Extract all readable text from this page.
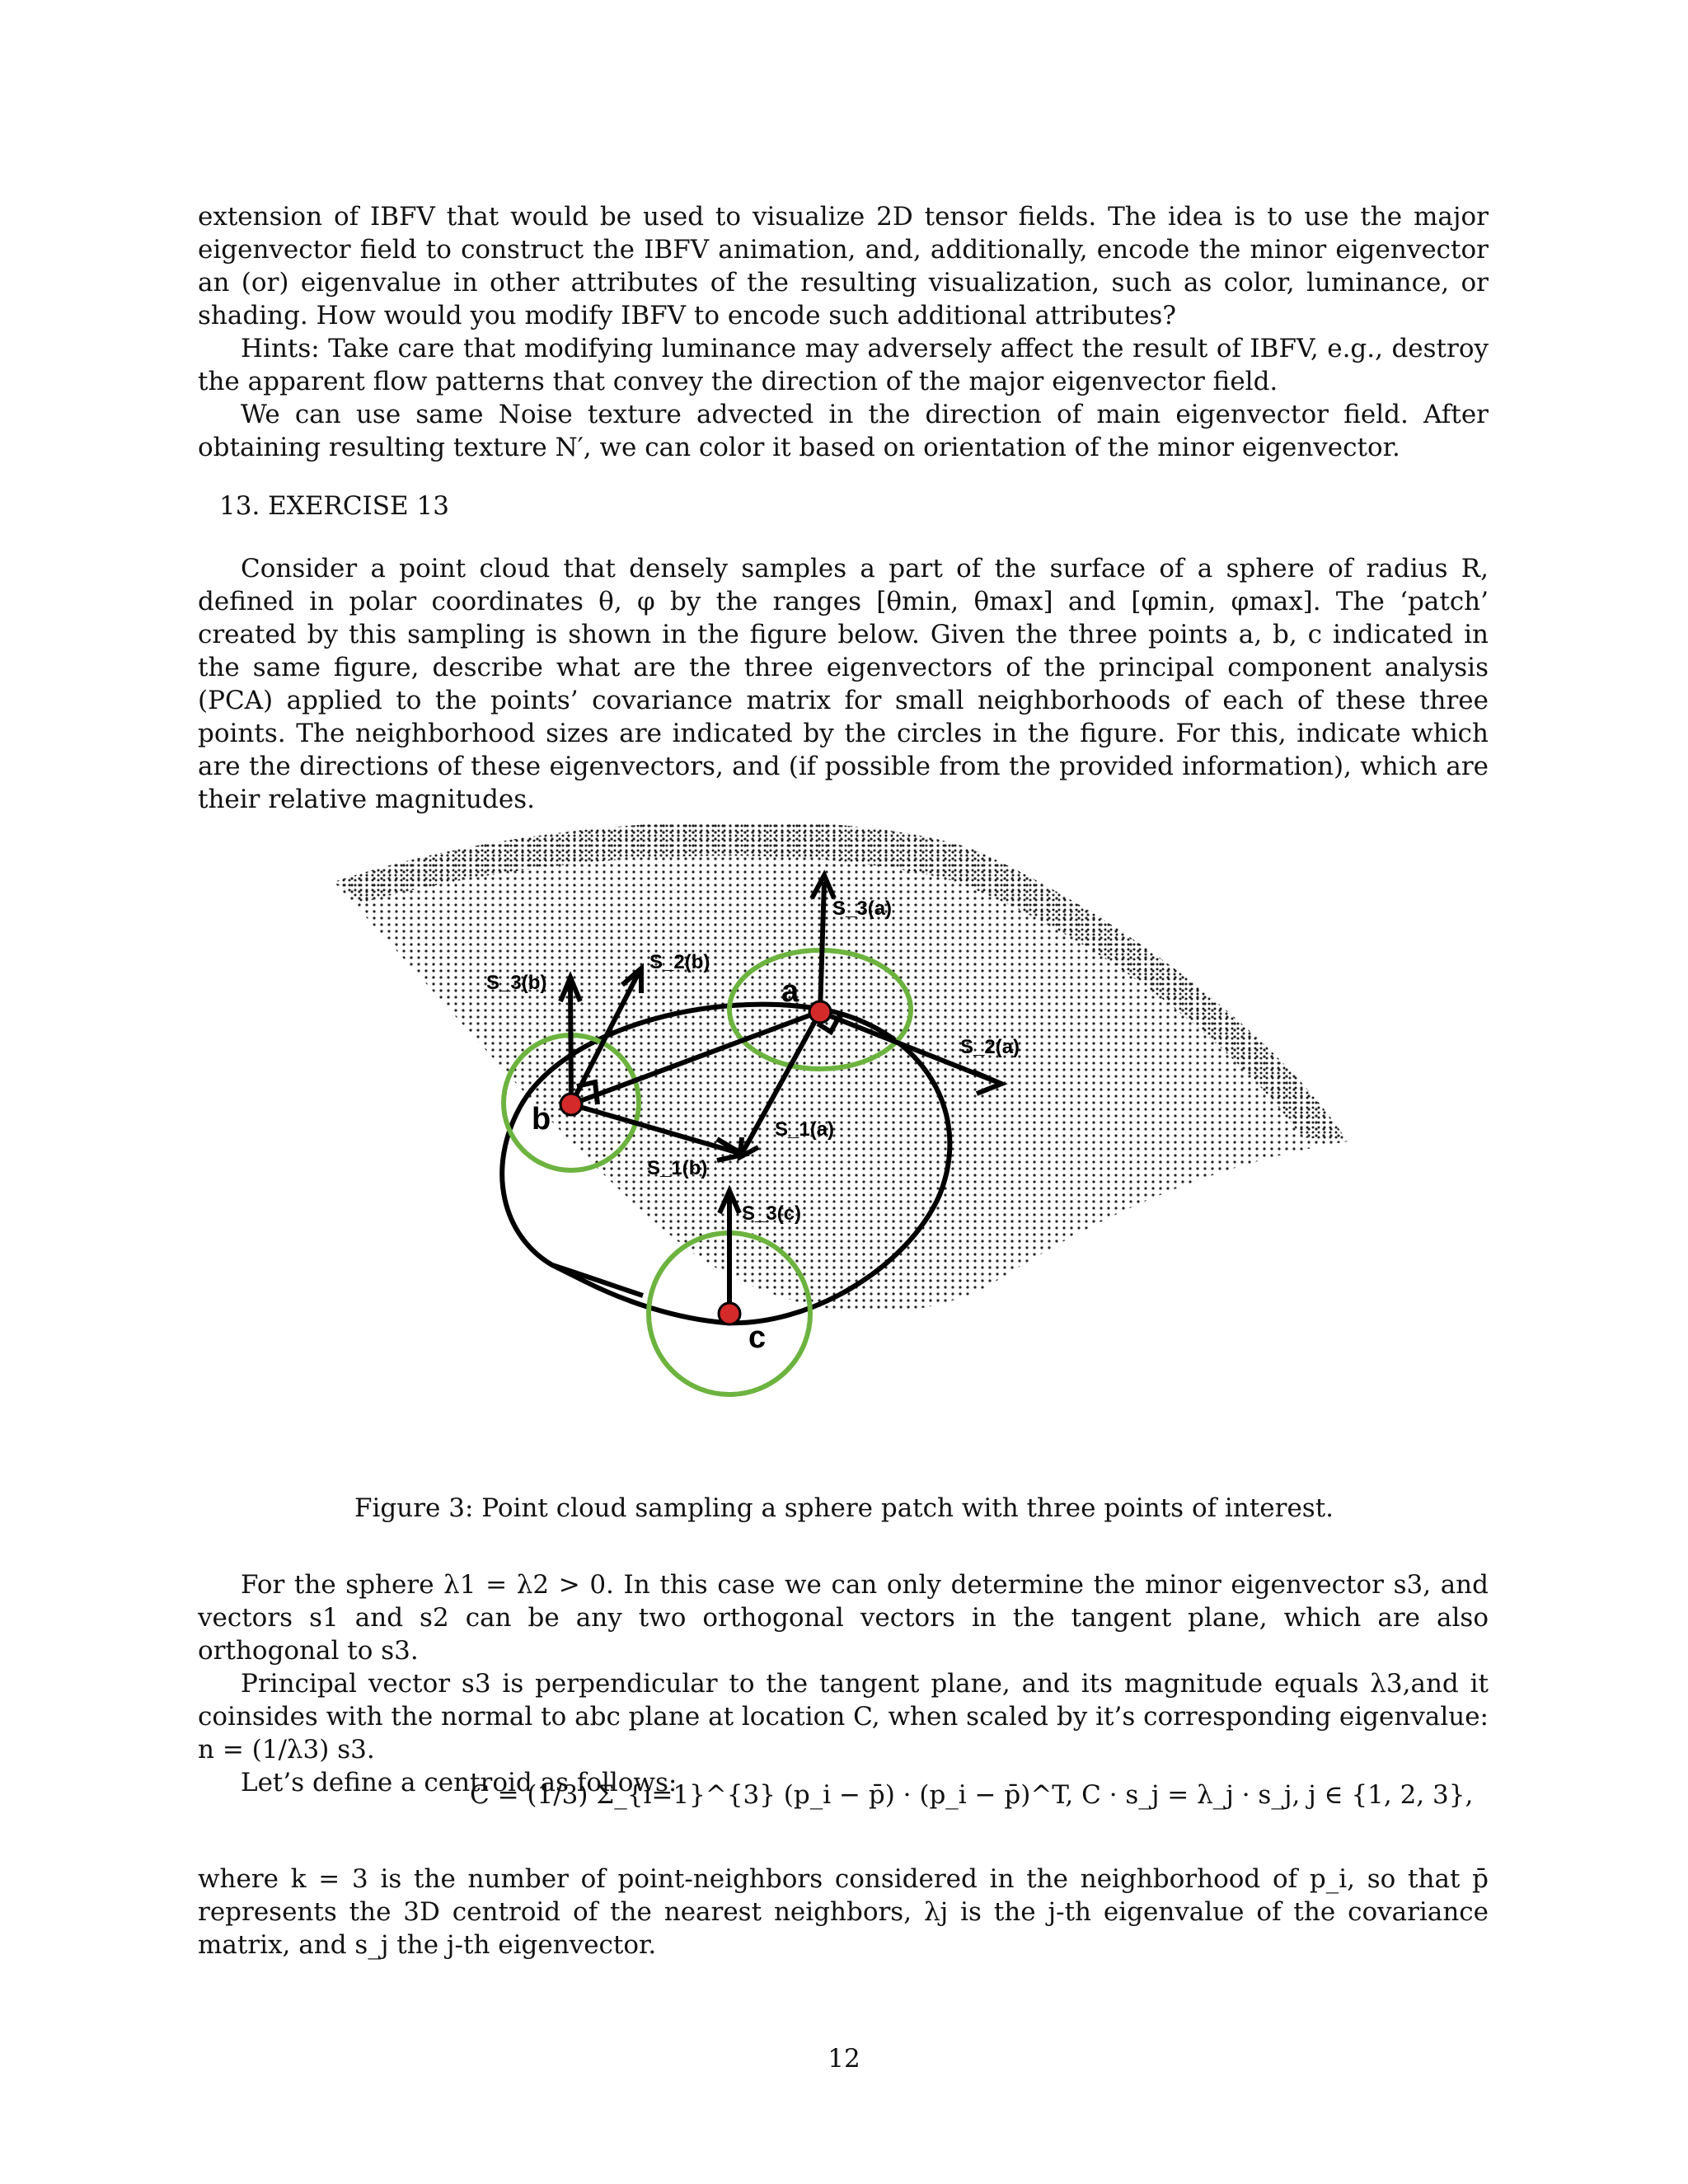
extension of IBFV that would be used to visualize 2D tensor fields. The idea is to use the major eigenvector field to construct the IBFV animation, and, additionally, encode the minor eigenvector an (or) eigenvalue in other attributes of the resulting visualization, such as color, luminance, or shading. How would you modify IBFV to encode such additional attributes?

Hints: Take care that modifying luminance may adversely affect the result of IBFV, e.g., destroy the apparent flow patterns that convey the direction of the major eigenvector field.

We can use same Noise texture advected in the direction of main eigenvector field. After obtaining resulting texture N′, we can color it based on orientation of the minor eigenvector.

13. EXERCISE 13

Consider a point cloud that densely samples a part of the surface of a sphere of radius R, defined in polar coordinates θ, φ by the ranges [θmin, θmax] and [φmin, φmax]. The ‘patch’ created by this sampling is shown in the figure below. Given the three points a, b, c indicated in the same figure, describe what are the three eigenvectors of the principal component analysis (PCA) applied to the points’ covariance matrix for small neighborhoods of each of these three points. The neighborhood sizes are indicated by the circles in the figure. For this, indicate which are the directions of these eigenvectors, and (if possible from the provided information), which are their relative magnitudes.

S_3(a)
S_2(b)
S_3(b)	a
S_2(a)
b	S_1(a)
S_1(b)
S_3(c)
c
Figure 3: Point cloud sampling a sphere patch with three points of interest.

For the sphere λ1 = λ2 > 0. In this case we can only determine the minor eigenvector s3, and vectors s1 and s2 can be any two orthogonal vectors in the tangent plane, which are also orthogonal to s3.

Principal vector s3 is perpendicular to the tangent plane, and its magnitude equals λ3,and it coinsides with the normal to abc plane at location C, when scaled by it’s corresponding eigenvalue: n = (1/λ3) s3.

Let’s define a centroid as follows:

C = (1/3) Σ_{i=1}^{3} (p_i − p̄) · (p_i − p̄)^T, C · s_j = λ_j · s_j, j ∈ {1, 2, 3},

where k = 3 is the number of point-neighbors considered in the neighborhood of p_i, so that p̄ represents the 3D centroid of the nearest neighbors, λj is the j-th eigenvalue of the covariance matrix, and s_j the j-th eigenvector.

12
